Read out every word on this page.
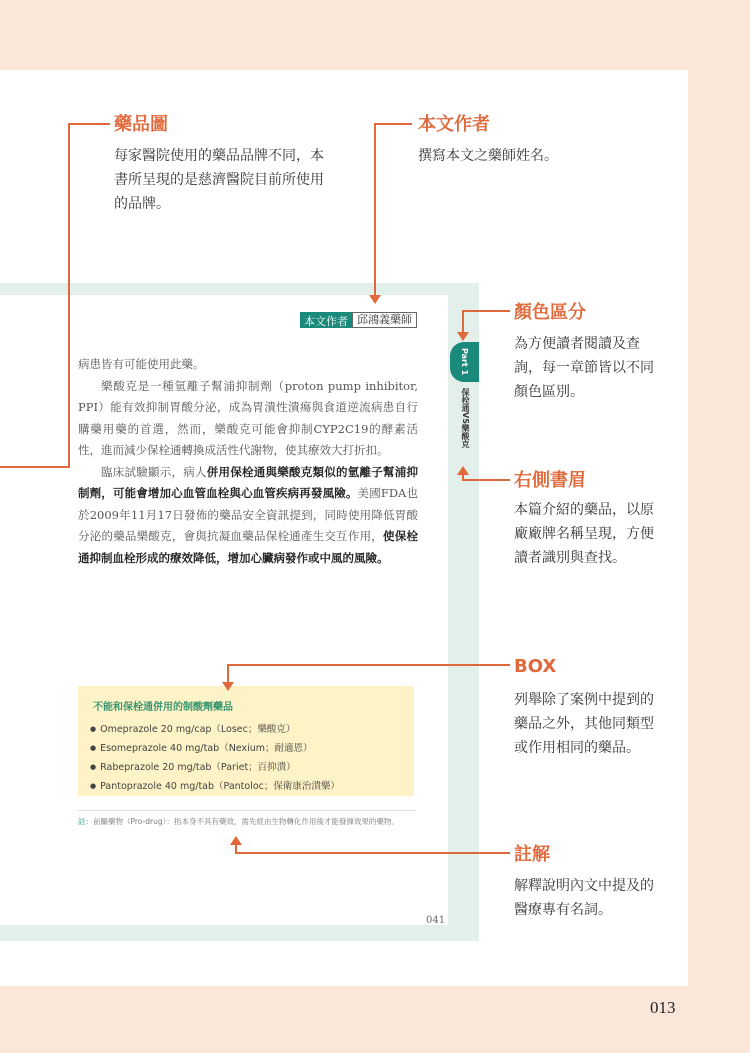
本文作者 邱鴻義藥師
Part 1
保栓通VS樂酸克

病患皆有可能使用此藥。

樂酸克是一種氫離子幫浦抑制劑（proton pump inhibitor, PPI）能有效抑制胃酸分泌，成為胃潰性潰瘍與食道逆流病患自行購藥用藥的首選，然而，樂酸克可能會抑制CYP2C19的酵素活性，進而減少保栓通轉換成活性代謝物，使其療效大打折扣。

臨床試驗顯示，病人併用保栓通與樂酸克類似的氫離子幫浦抑制劑，可能會增加心血管血栓與心血管疾病再發風險。美國FDA也於2009年11月17日發佈的藥品安全資訊提到，同時使用降低胃酸分泌的藥品樂酸克，會與抗凝血藥品保栓通產生交互作用，使保栓通抑制血栓形成的療效降低，增加心臟病發作或中風的風險。

不能和保栓通併用的制酸劑藥品
● Omeprazole 20 mg/cap（Losec；樂酸克）
● Esomeprazole 40 mg/tab（Nexium；耐適恩）
● Rabeprazole 20 mg/tab（Pariet；百抑潰）
● Pantoprazole 40 mg/tab（Pantoloc；保衛康治潰樂）
註：前驅藥物（Pro-drug）：指本身不具有藥效，需先經由生物轉化作用後才能發揮效果的藥物。
041
藥品圖
每家醫院使用的藥品品牌不同，本書所呈現的是慈濟醫院目前所使用的品牌。
本文作者
撰寫本文之藥師姓名。
顏色區分
為方便讀者閱讀及查詢，每一章節皆以不同顏色區別。
右側書眉
本篇介紹的藥品，以原廠廠牌名稱呈現，方便讀者識別與查找。
BOX
列舉除了案例中提到的藥品之外，其他同類型或作用相同的藥品。
註解
解釋說明內文中提及的醫療專有名詞。
013
